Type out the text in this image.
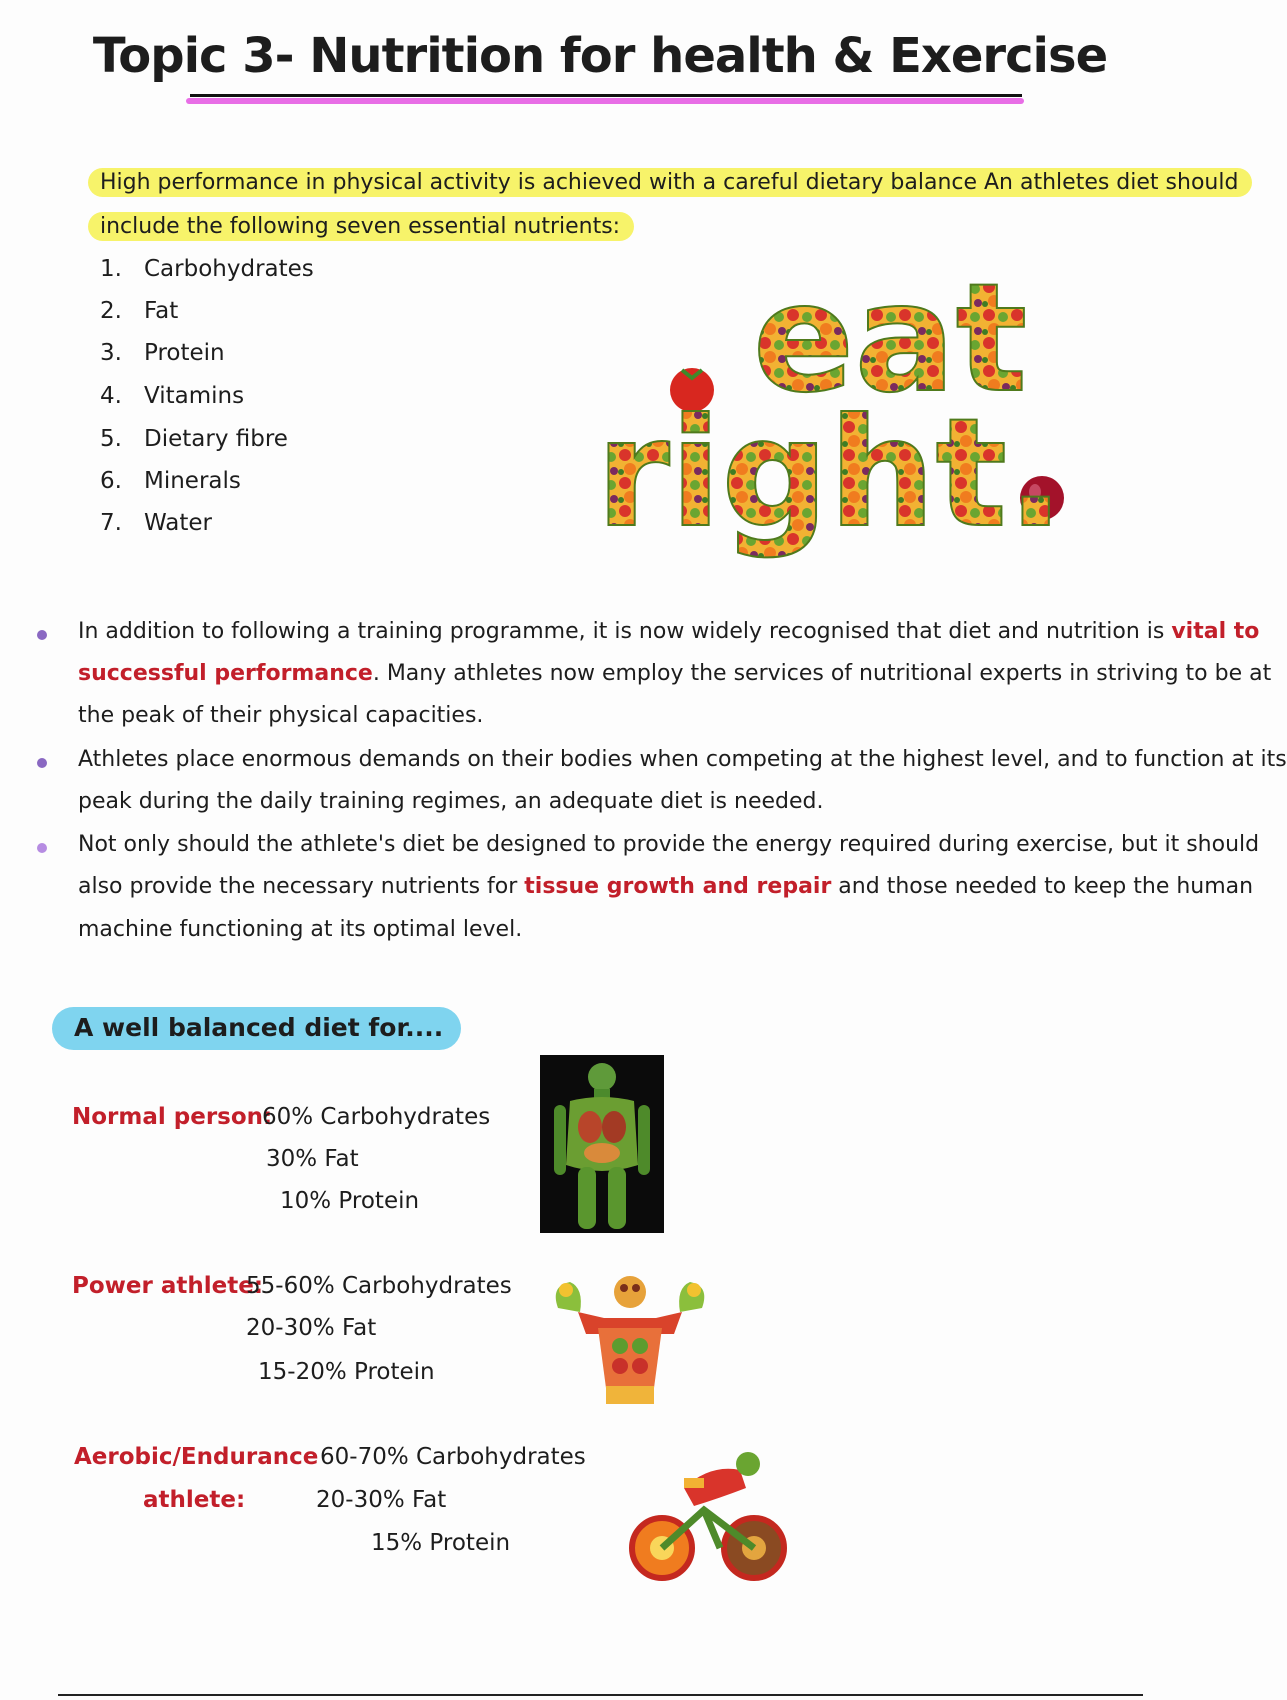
Topic 3- Nutrition for health & Exercise
High performance in physical activity is achieved with a careful dietary balance An athletes diet should
include the following seven essential nutrients:
1. Carbohydrates
2. Fat
3. Protein
4. Vitamins
5. Dietary fibre
6. Minerals
7. Water
eat
right.
In addition to following a training programme, it is now widely recognised that diet and nutrition is vital to
successful performance. Many athletes now employ the services of nutritional experts in striving to be at
the peak of their physical capacities.
Athletes place enormous demands on their bodies when competing at the highest level, and to function at its
peak during the daily training regimes, an adequate diet is needed.
Not only should the athlete's diet be designed to provide the energy required during exercise, but it should
also provide the necessary nutrients for tissue growth and repair and those needed to keep the human
machine functioning at its optimal level.
A well balanced diet for....
Normal person:
60% Carbohydrates
30% Fat
10% Protein
Power athlete:
55-60% Carbohydrates
20-30% Fat
15-20% Protein
Aerobic/Endurance
athlete:
60-70% Carbohydrates
20-30% Fat
15% Protein
